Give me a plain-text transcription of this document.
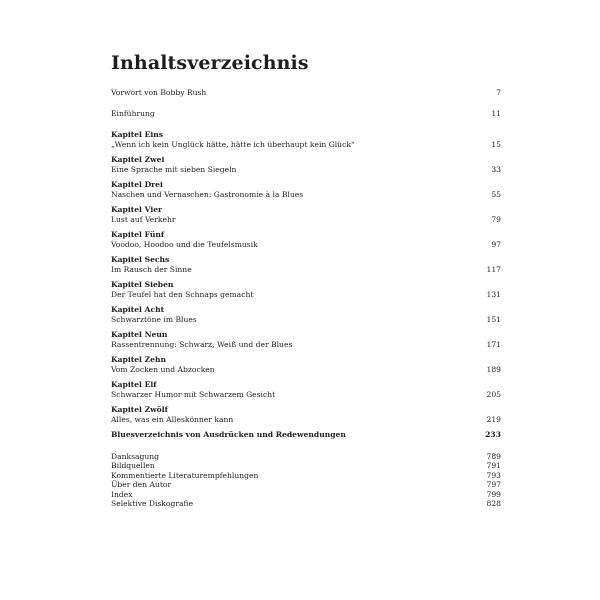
Inhaltsverzeichnis
Vorwort von Bobby Rush	7
Einführung	11
Kapitel Eins
„Wenn ich kein Unglück hätte, hätte ich überhaupt kein Glück“	15
Kapitel Zwei
Eine Sprache mit sieben Siegeln	33
Kapitel Drei
Naschen und Vernaschen: Gastronomie à la Blues	55
Kapitel Vier
Lust auf Verkehr	79
Kapitel Fünf
Voodoo, Hoodoo und die Teufelsmusik	97
Kapitel Sechs
Im Rausch der Sinne	117
Kapitel Sieben
Der Teufel hat den Schnaps gemacht	131
Kapitel Acht
Schwarztöne im Blues	151
Kapitel Neun
Rassentrennung: Schwarz, Weiß und der Blues	171
Kapitel Zehn
Vom Zocken und Abzocken	189
Kapitel Elf
Schwarzer Humor mit Schwarzem Gesicht	205
Kapitel Zwölf
Alles, was ein Alleskönner kann	219
Bluesverzeichnis von Ausdrücken und Redewendungen	233
Danksagung	789
Bildquellen	791
Kommentierte Literaturempfehlungen	793
Über den Autor	797
Index	799
Selektive Diskografie	828
